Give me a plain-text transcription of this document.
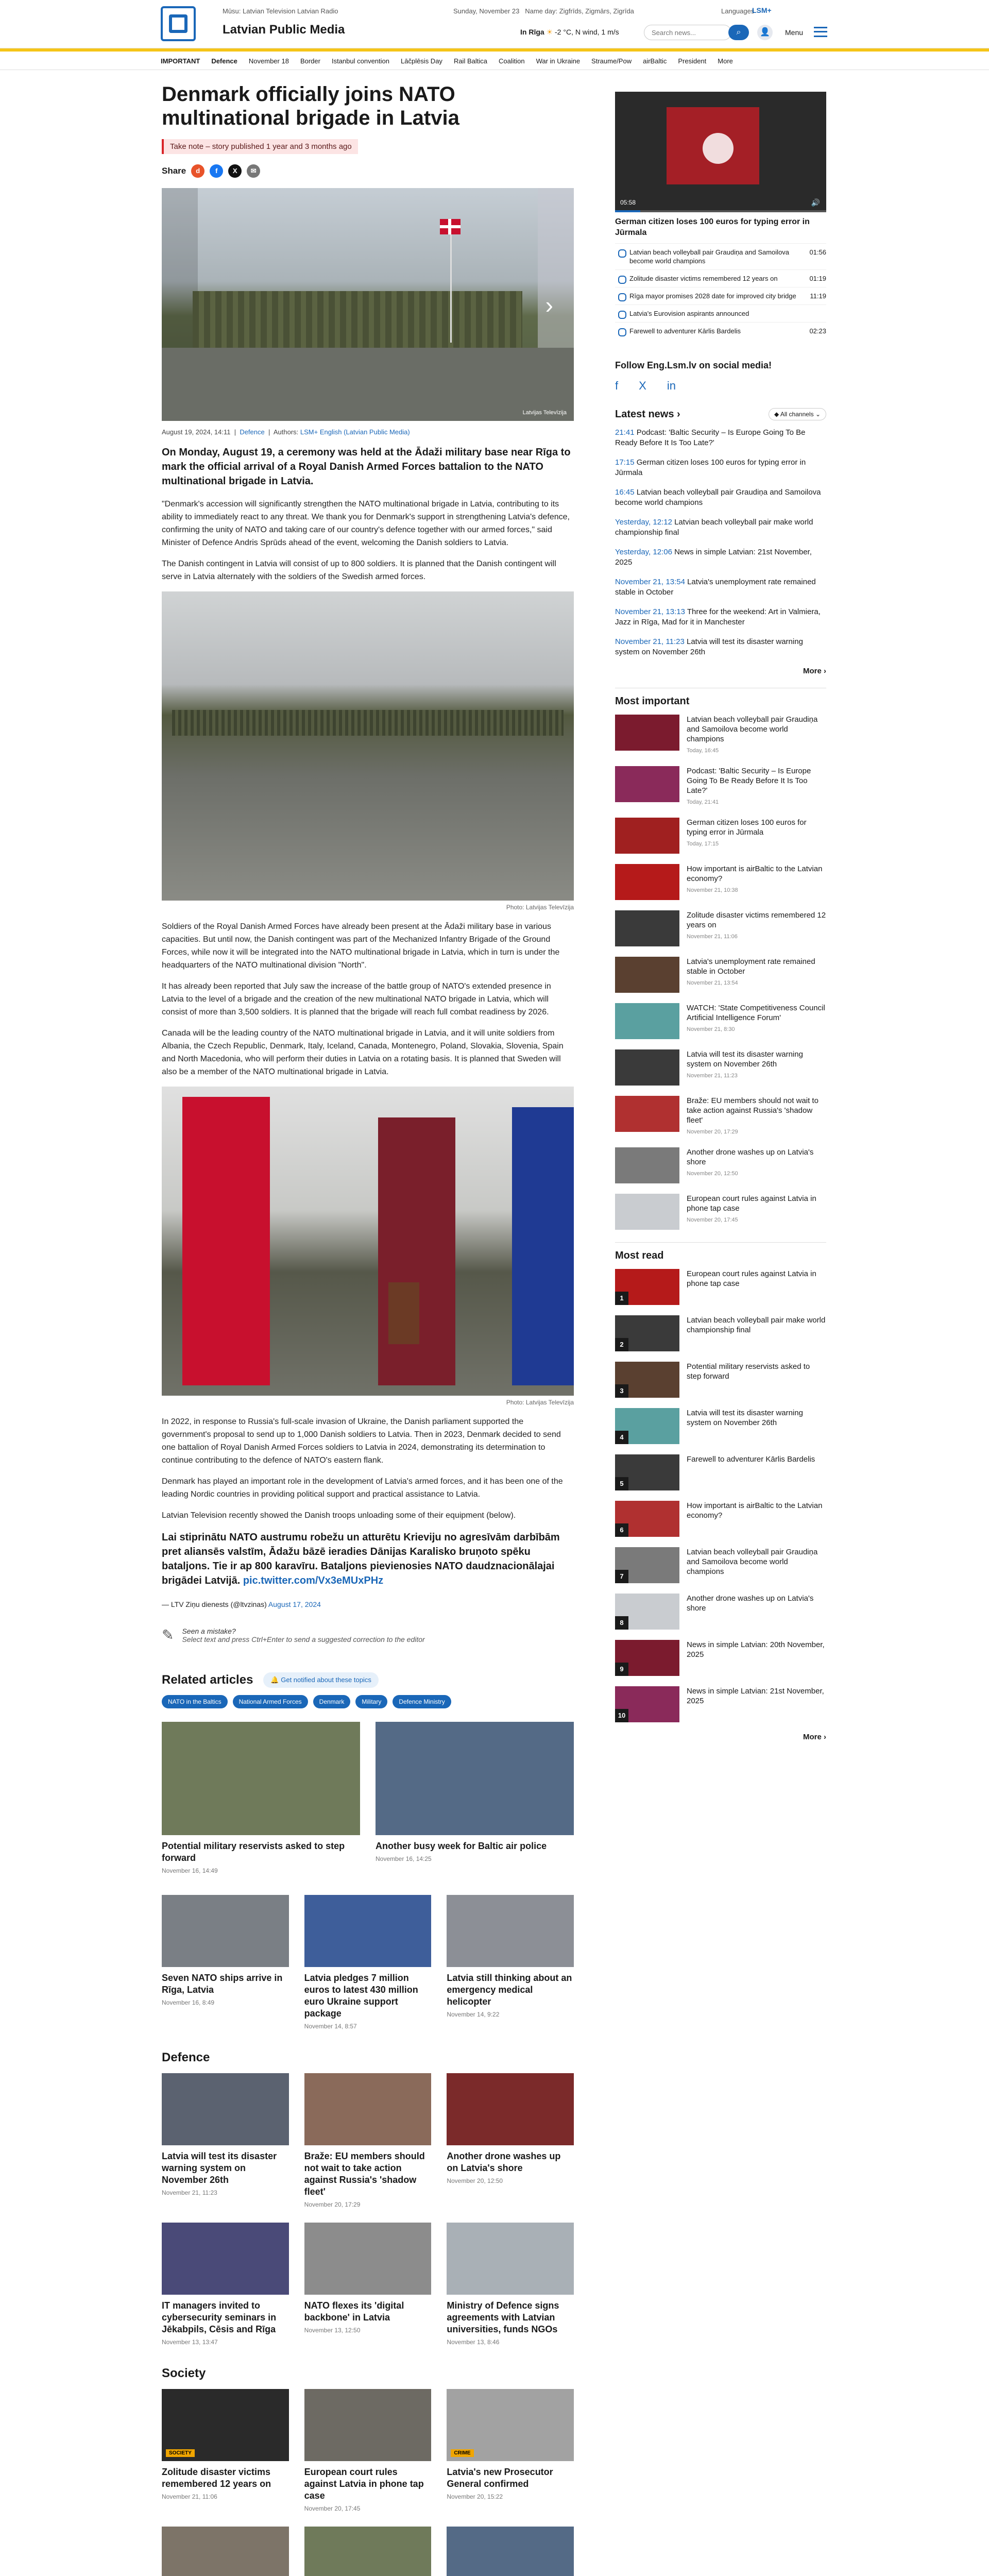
Mūsu: Latvian Television Latvian Radio
Latvian Public Media
Sunday, November 23 Name day: Zigfrīds, Zigmārs, Zigrīda	Languages
LSM+
In Rīga ☀ -2 °C, N wind, 1 m/s
Search news...	⌕	👤	Menu
IMPORTANT Defence November 18 Border Istanbul convention Lāčplēsis Day Rail Baltica Coalition War in Ukraine Straume/Pow airBaltic President More
Denmark officially joins NATO multinational brigade in Latvia
Take note – story published 1 year and 3 months ago
Share	d	f	X	✉
›
Latvijas Televīzija
August 19, 2024, 14:11  |  Defence  |  Authors: LSM+ English (Latvian Public Media)
On Monday, August 19, a ceremony was held at the Ādaži military base near Rīga to mark the official arrival of a Royal Danish Armed Forces battalion to the NATO multinational brigade in Latvia.
"Denmark's accession will significantly strengthen the NATO multinational brigade in Latvia, contributing to its ability to immediately react to any threat. We thank you for Denmark's support in strengthening Latvia's defence, confirming the unity of NATO and taking care of our country's defence together with our armed forces," said Minister of Defence Andris Sprūds ahead of the event, welcoming the Danish soldiers to Latvia.
The Danish contingent in Latvia will consist of up to 800 soldiers. It is planned that the Danish contingent will serve in Latvia alternately with the soldiers of the Swedish armed forces.
Photo: Latvijas Televīzija
Soldiers of the Royal Danish Armed Forces have already been present at the Ādaži military base in various capacities. But until now, the Danish contingent was part of the Mechanized Infantry Brigade of the Ground Forces, while now it will be integrated into the NATO multinational brigade in Latvia, which in turn is under the headquarters of the NATO multinational division "North".
It has already been reported that July saw the increase of the battle group of NATO's extended presence in Latvia to the level of a brigade and the creation of the new multinational NATO brigade in Latvia, which will consist of more than 3,500 soldiers. It is planned that the brigade will reach full combat readiness by 2026.
Canada will be the leading country of the NATO multinational brigade in Latvia, and it will unite soldiers from Albania, the Czech Republic, Denmark, Italy, Iceland, Canada, Montenegro, Poland, Slovakia, Slovenia, Spain and North Macedonia, who will perform their duties in Latvia on a rotating basis. It is planned that Sweden will also be a member of the NATO multinational brigade in Latvia.
Photo: Latvijas Televīzija
In 2022, in response to Russia's full-scale invasion of Ukraine, the Danish parliament supported the government's proposal to send up to 1,000 Danish soldiers to Latvia. Then in 2023, Denmark decided to send one battalion of Royal Danish Armed Forces soldiers to Latvia in 2024, demonstrating its determination to continue contributing to the defence of NATO's eastern flank.
Denmark has played an important role in the development of Latvia's armed forces, and it has been one of the leading Nordic countries in providing political support and practical assistance to Latvia.
Latvian Television recently showed the Danish troops unloading some of their equipment (below).
Lai stiprinātu NATO austrumu robežu un atturētu Krieviju no agresīvām darbībām pret aliansēs valstīm, Ādažu bāzē ieradies Dānijas Karaliskо bruņoto spēku bataljons. Tie ir ap 800 karavīru. Bataljons pievienosies NATO daudznacionālajai brigādei Latvijā. pic.twitter.com/Vx3eMUxPHz
— LTV Ziņu dienests (@ltvzinas) August 17, 2024
✎ Seen a mistake?
Select text and press Ctrl+Enter to send a suggested correction to the editor
Related articles	🔔 Get notified about these topics
NATO in the Baltics	National Armed Forces	Denmark	Military	Defence Ministry
Potential military reservists asked to step forward
November 16, 14:49
Another busy week for Baltic air police
November 16, 14:25
Seven NATO ships arrive in Rīga, Latvia
November 16, 8:49
Latvia pledges 7 million euros to latest 430 million euro Ukraine support package
November 14, 8:57
Latvia still thinking about an emergency medical helicopter
November 14, 9:22
Defence
Latvia will test its disaster warning system on November 26th
November 21, 11:23
Braže: EU members should not wait to take action against Russia's 'shadow fleet'
November 20, 17:29
Another drone washes up on Latvia's shore
November 20, 12:50
IT managers invited to cybersecurity seminars in Jēkabpils, Cēsis and Rīga
November 13, 13:47
NATO flexes its 'digital backbone' in Latvia
November 13, 12:50
Ministry of Defence signs agreements with Latvian universities, funds NGOs
November 13, 8:46
Society
SOCIETY
Zolitude disaster victims remembered 12 years on
November 21, 11:06
European court rules against Latvia in phone tap case
November 20, 17:45
CRIME
Latvia's new Prosecutor General confirmed
November 20, 15:22
05:58	🔊
German citizen loses 100 euros for typing error in Jūrmala
Latvian beach volleyball pair Graudiņa and Samoilova become world champions
01:56
Zolitude disaster victims remembered 12 years on	01:19
Rīga mayor promises 2028 date for improved city bridge 11:19
Latvia's Eurovision aspirants announced
Farewell to adventurer Kārlis Bardelis	02:23
Follow Eng.Lsm.lv on social media!
f X in
Latest news ›	◆ All channels ⌄
21:41 Podcast: 'Baltic Security – Is Europe Going To Be Ready Before It Is Too Late?'
17:15 German citizen loses 100 euros for typing error in Jūrmala
16:45 Latvian beach volleyball pair Graudiņa and Samoilova become world champions
Yesterday, 12:12 Latvian beach volleyball pair make world championship final
Yesterday, 12:06 News in simple Latvian: 21st November, 2025
November 21, 13:54 Latvia's unemployment rate remained stable in October
November 21, 13:13 Three for the weekend: Art in Valmiera, Jazz in Rīga, Mad for it in Manchester
November 21, 11:23 Latvia will test its disaster warning system on November 26th
More ›
Most important
Latvian beach volleyball pair Graudiņa and Samoilova become world champions
Today, 16:45
Podcast: 'Baltic Security – Is Europe Going To Be Ready Before It Is Too Late?'
Today, 21:41
German citizen loses 100 euros for typing error in Jūrmala
Today, 17:15
How important is airBaltic to the Latvian economy?
November 21, 10:38
Zolitude disaster victims remembered 12 years on
November 21, 11:06
Latvia's unemployment rate remained stable in October
November 21, 13:54
WATCH: 'State Competitiveness Council Artificial Intelligence Forum'
November 21, 8:30
Latvia will test its disaster warning system on November 26th
November 21, 11:23
Braže: EU members should not wait to take action against Russia's 'shadow fleet'
November 20, 17:29
Another drone washes up on Latvia's shore
November 20, 12:50
European court rules against Latvia in phone tap case
November 20, 17:45
Most read
1
European court rules against Latvia in phone tap case
2
Latvian beach volleyball pair make world championship final
3
Potential military reservists asked to step forward
4
Latvia will test its disaster warning system on November 26th
5
Farewell to adventurer Kārlis Bardelis
6
How important is airBaltic to the Latvian economy?
7
Latvian beach volleyball pair Graudiņa and Samoilova become world champions
8
Another drone washes up on Latvia's shore
9
News in simple Latvian: 20th November, 2025
10
News in simple Latvian: 21st November, 2025
More ›
